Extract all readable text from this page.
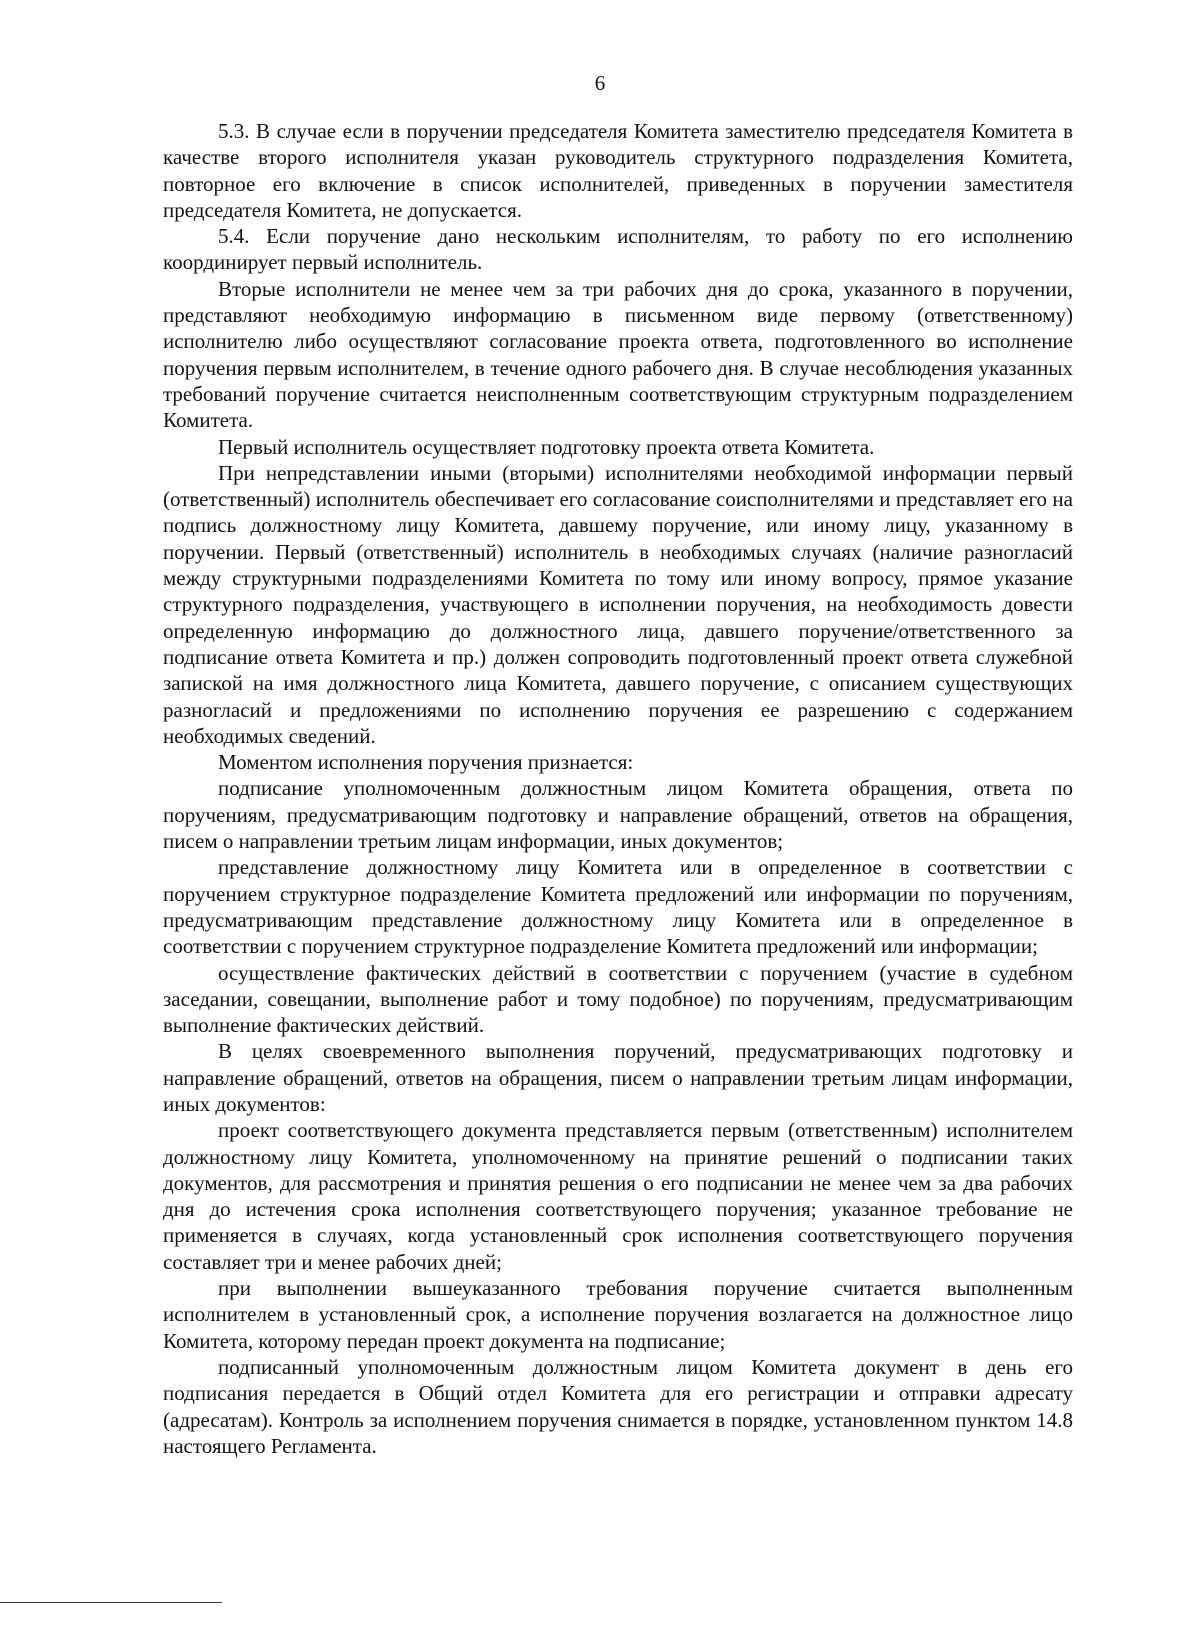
6

5.3. В случае если в поручении председателя Комитета заместителю председателя Комитета в качестве второго исполнителя указан руководитель структурного подразделения Комитета, повторное его включение в список исполнителей, приведенных в поручении заместителя председателя Комитета, не допускается.

5.4. Если поручение дано нескольким исполнителям, то работу по его исполнению координирует первый исполнитель.

Вторые исполнители не менее чем за три рабочих дня до срока, указанного в поручении, представляют необходимую информацию в письменном виде первому (ответственному) исполнителю либо осуществляют согласование проекта ответа, подготовленного во исполнение поручения первым исполнителем, в течение одного рабочего дня. В случае несоблюдения указанных требований поручение считается неисполненным соответствующим структурным подразделением Комитета.

Первый исполнитель осуществляет подготовку проекта ответа Комитета.

При непредставлении иными (вторыми) исполнителями необходимой информации первый (ответственный) исполнитель обеспечивает его согласование соисполнителями и представляет его на подпись должностному лицу Комитета, давшему поручение, или иному лицу, указанному в поручении. Первый (ответственный) исполнитель в необходимых случаях (наличие разногласий между структурными подразделениями Комитета по тому или иному вопросу, прямое указание структурного подразделения, участвующего в исполнении поручения, на необходимость довести определенную информацию до должностного лица, давшего поручение/ответственного за подписание ответа Комитета и пр.) должен сопроводить подготовленный проект ответа служебной запиской на имя должностного лица Комитета, давшего поручение, с описанием существующих разногласий и предложениями по исполнению поручения ее разрешению с содержанием необходимых сведений.

Моментом исполнения поручения признается:

подписание уполномоченным должностным лицом Комитета обращения, ответа по поручениям, предусматривающим подготовку и направление обращений, ответов на обращения, писем о направлении третьим лицам информации, иных документов;

представление должностному лицу Комитета или в определенное в соответствии с поручением структурное подразделение Комитета предложений или информации по поручениям, предусматривающим представление должностному лицу Комитета или в определенное в соответствии с поручением структурное подразделение Комитета предложений или информации;

осуществление фактических действий в соответствии с поручением (участие в судебном заседании, совещании, выполнение работ и тому подобное) по поручениям, предусматривающим выполнение фактических действий.

В целях своевременного выполнения поручений, предусматривающих подготовку и направление обращений, ответов на обращения, писем о направлении третьим лицам информации, иных документов:

проект соответствующего документа представляется первым (ответственным) исполнителем должностному лицу Комитета, уполномоченному на принятие решений о подписании таких документов, для рассмотрения и принятия решения о его подписании не менее чем за два рабочих дня до истечения срока исполнения соответствующего поручения; указанное требование не применяется в случаях, когда установленный срок исполнения соответствующего поручения составляет три и менее рабочих дней;

при выполнении вышеуказанного требования поручение считается выполненным исполнителем в установленный срок, а исполнение поручения возлагается на должностное лицо Комитета, которому передан проект документа на подписание;

подписанный уполномоченным должностным лицом Комитета документ в день его подписания передается в Общий отдел Комитета для его регистрации и отправки адресату (адресатам). Контроль за исполнением поручения снимается в порядке, установленном пунктом 14.8 настоящего Регламента.
